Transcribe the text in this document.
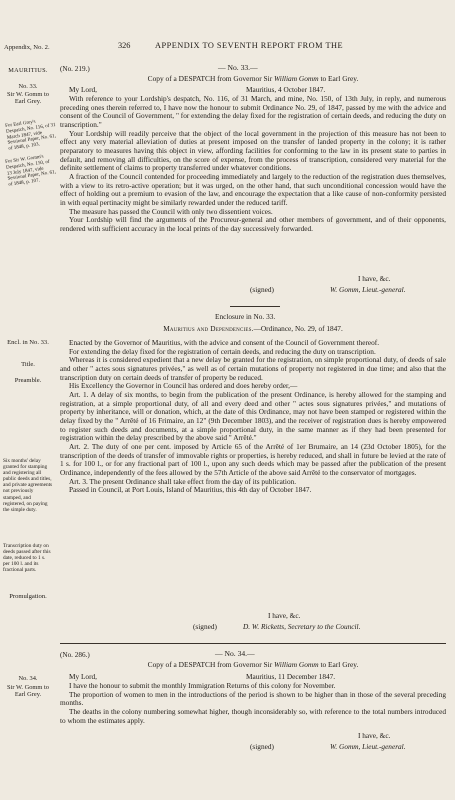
Appendix, No. 2.	326	APPENDIX TO SEVENTH REPORT FROM THE
MAURITIUS.
No. 33.
Sir W. Gomm to Earl Grey.
For Earl Grey's Despatch, No. 116, of 31 March 1847, vide Sessional Paper, No. 61, of 1848, p. 103.
For Sir W. Gomm's Despatch, No. 150, of 13 July 1847, vide Sessional Paper, No. 61, of 1848, p. 107.
Encl. in No. 33.
Title.
Preamble.
Six months' delay granted for stamping and registering all public deeds and titles, and private agreements not previously stamped, and registered, on paying the simple duty.
Transcription duty on deeds passed after this date, reduced to 1 s. per 100 l. and its fractional parts.
Promulgation.
No. 34.
Sir W. Gomm to Earl Grey.
(No. 219.)	— No. 33.—
Copy of a DESPATCH from Governor Sir William Gomm to Earl Grey.
My Lord,	Mauritius, 4 October 1847.

With reference to your Lordship's despatch, No. 116, of 31 March, and mine, No. 150, of 13th July, in reply, and numerous preceding ones therein referred to, I have now the honour to submit Ordinance No. 29, of 1847, passed by me with the advice and consent of the Council of Government, " for extending the delay fixed for the registration of certain deeds, and reducing the duty on transcription."

Your Lordship will readily perceive that the object of the local government in the projection of this measure has not been to effect any very material alleviation of duties at present imposed on the transfer of landed property in the colony; it is rather preparatory to measures having this object in view, affording facilities for conforming to the law in its present state to parties in default, and removing all difficulties, on the score of expense, from the process of transcription, considered very material for the definite settlement of claims to property transferred under whatever conditions.

A fraction of the Council contended for proceeding immediately and largely to the reduction of the registration dues themselves, with a view to its retro-active operation; but it was urged, on the other hand, that such unconditional concession would have the effect of holding out a premium to evasion of the law, and encourage the expectation that a like cause of non-conformity persisted in with equal pertinacity might be similarly rewarded under the reduced tariff.

The measure has passed the Council with only two dissentient voices.

Your Lordship will find the arguments of the Procureur-general and other members of government, and of their opponents, rendered with sufficient accuracy in the local prints of the day successively forwarded.

I have, &c.
(signed)	W. Gomm, Lieut.-general.
Enclosure in No. 33.
Mauritius and Dependencies.—Ordinance, No. 29, of 1847.

Enacted by the Governor of Mauritius, with the advice and consent of the Council of Government thereof.

For extending the delay fixed for the registration of certain deeds, and reducing the duty on transcription.

Whereas it is considered expedient that a new delay be granted for the registration, on simple proportional duty, of deeds of sale and other " actes sous signatures privées," as well as of certain mutations of property not registered in due time; and also that the transcription duty on certain deeds of transfer of property be reduced.

His Excellency the Governor in Council has ordered and does hereby order,—

Art. 1. A delay of six months, to begin from the publication of the present Ordinance, is hereby allowed for the stamping and registration, at a simple proportional duty, of all and every deed and other " actes sous signatures privées," and mutations of property by inheritance, will or donation, which, at the date of this Ordinance, may not have been stamped or registered within the delay fixed by the " Arrêté of 16 Frimaire, an 12" (9th December 1803), and the receiver of registration dues is hereby empowered to register such deeds and documents, at a simple proportional duty, in the same manner as if they had been presented for registration within the delay prescribed by the above said " Arrêté."

Art. 2. The duty of one per cent. imposed by Article 65 of the Arrêté of 1er Brumaire, an 14 (23d October 1805), for the transcription of the deeds of transfer of immovable rights or properties, is hereby reduced, and shall in future be levied at the rate of 1 s. for 100 l., or for any fractional part of 100 l., upon any such deeds which may be passed after the publication of the present Ordinance, independently of the fees allowed by the 57th Article of the above said Arrêté to the conservator of mortgages.

Art. 3. The present Ordinance shall take effect from the day of its publication.

Passed in Council, at Port Louis, Island of Mauritius, this 4th day of October 1847.

I have, &c.
(signed)	D. W. Ricketts, Secretary to the Council.
(No. 286.)	— No. 34.—
Copy of a DESPATCH from Governor Sir William Gomm to Earl Grey.
My Lord,	Mauritius, 11 December 1847.

I have the honour to submit the monthly Immigration Returns of this colony for November.

The proportion of women to men in the introductions of the period is shown to be higher than in those of the several preceding months.

The deaths in the colony numbering somewhat higher, though inconsiderably so, with reference to the total numbers introduced to whom the estimates apply.

I have, &c.
(signed)	W. Gomm, Lieut.-general.
